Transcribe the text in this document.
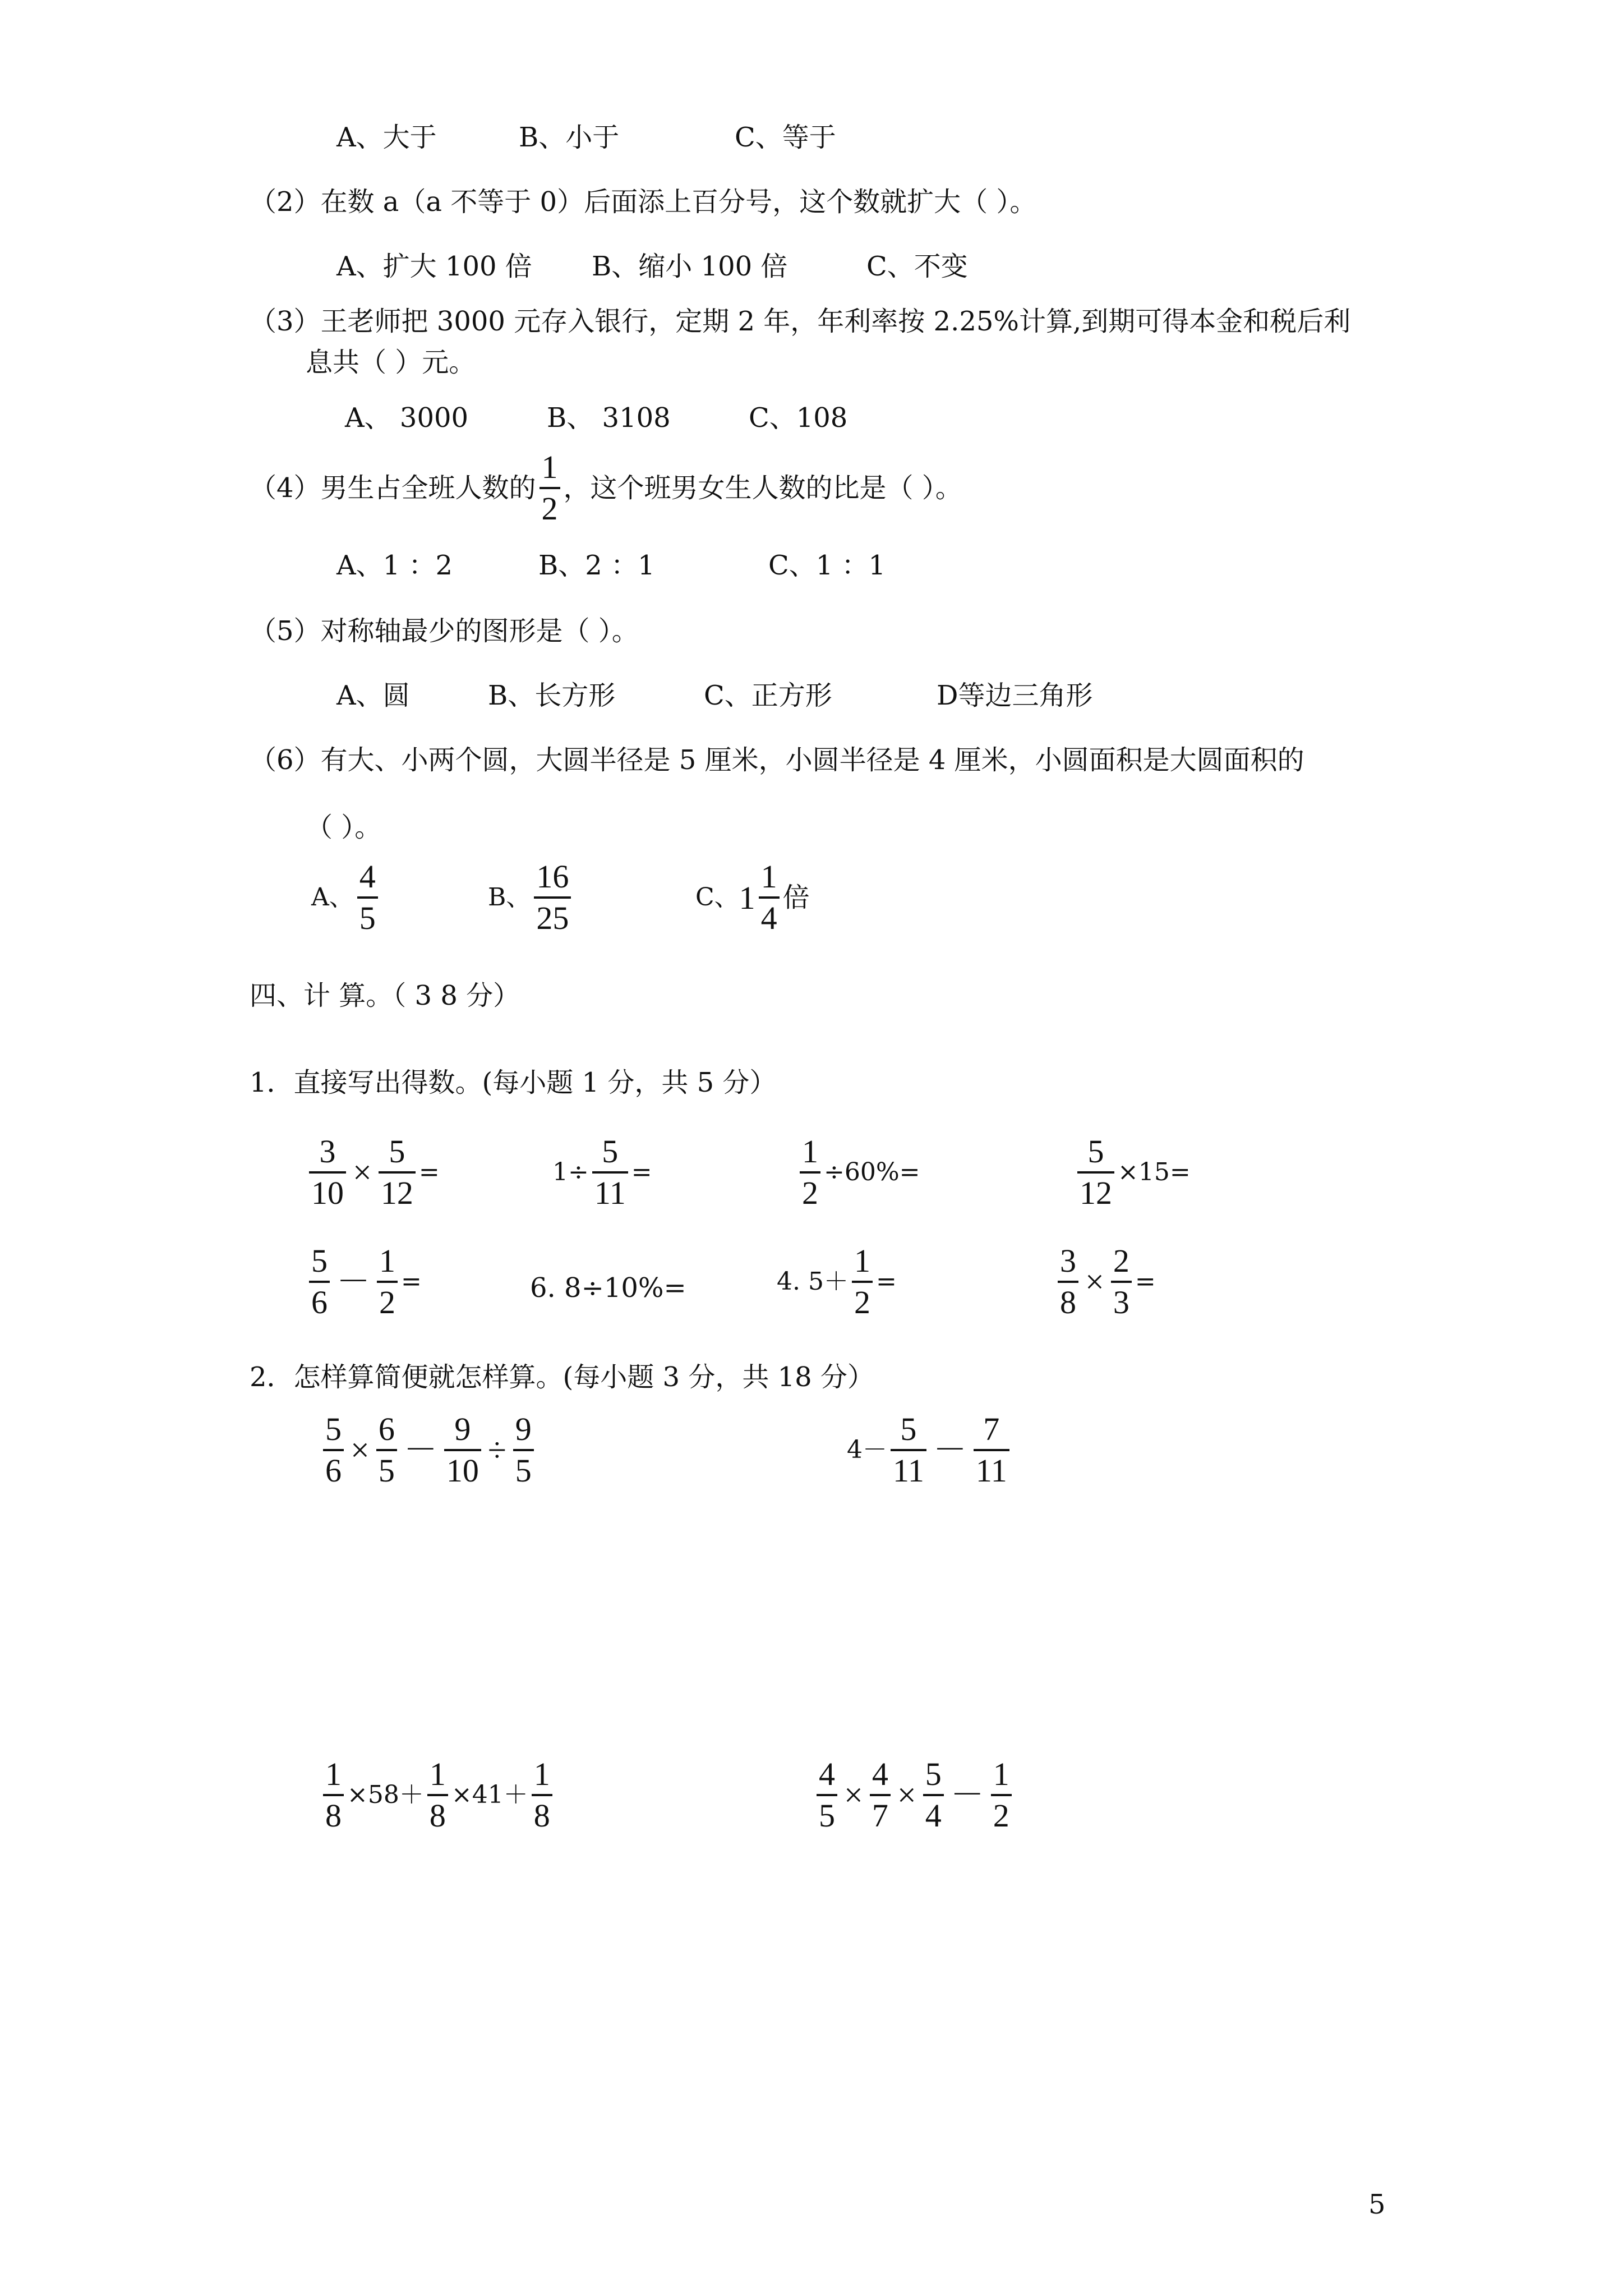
A、大于	B、小于	C、等于
（2）在数 a（a 不等于 0）后面添上百分号，这个数就扩大（ ）。
A、扩大 100 倍 B、缩小 100 倍	C、不变
（3）王老师把 3000 元存入银行，定期 2 年，年利率按 2.25%计算,到期可得本金和税后利
息共（ ）元。
A、 3000	B、 3108	C、108
（4）男生占全班人数的 $\frac{1}{2}$ ，这个班男女生人数的比是（ ）。
A、1 ：2	B、2 ：1	C、1 ：1
（5）对称轴最少的图形是（ ）。
A、圆	B、长方形	C、正方形	D等边三角形
（6）有大、小两个圆，大圆半径是 5 厘米，小圆半径是 4 厘米，小圆面积是大圆面积的
（ ）。
A、 $\frac{4}{5}$	B、 $\frac{16}{25}$	C、 $1 \frac{1}{4}$ 倍
四、计 算。（ 3 8 分）
1．直接写出得数。(每小题 1 分，共 5 分）
$\frac{3}{10} \times \frac{5}{12}$ =	$1\div \frac{5}{11}$ =	$\frac{1}{2} \div 60\%=$	$\frac{5}{12} \times 15=$
$\frac{5}{6} - \frac{1}{2}$ =	6. 8÷10%=	4. $5+ \frac{1}{2}$ =	$\frac{3}{8} \times \frac{2}{3}$ =
2．怎样算简便就怎样算。(每小题 3 分，共 18 分）
$\frac{5}{6} \times \frac{6}{5} - \frac{9}{10} \div \frac{9}{5}$	$4- \frac{5}{11} - \frac{7}{11}$
$\frac{1}{8} \times 58+ \frac{1}{8} \times 41+ \frac{1}{8}$	$\frac{4}{5} \times \frac{4}{7} \times \frac{5}{4} - \frac{1}{2}$
5
